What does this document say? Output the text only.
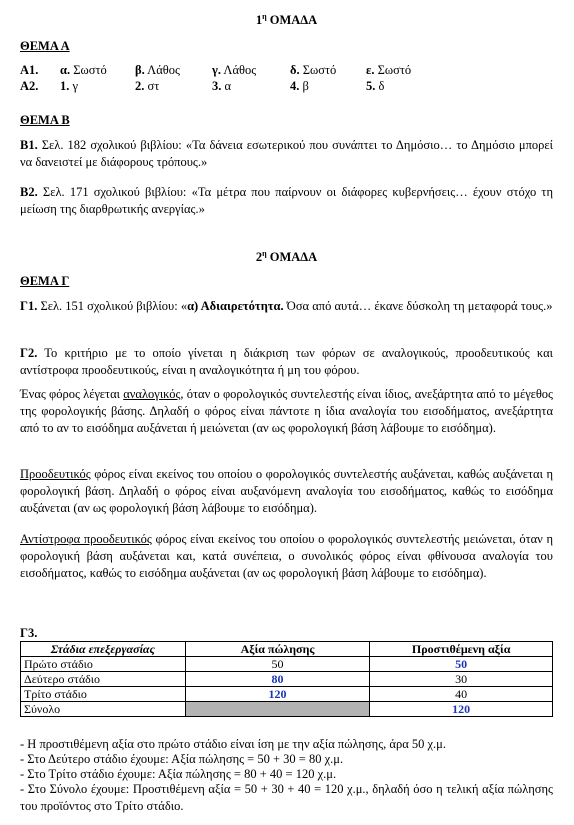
$1^\eta$ ΟΜΑΔΑ
ΘΕΜΑ Α
Α1. α. Σωστό β. Λάθος	γ. Λάθος	δ. Σωστό ε. Σωστό
Α2. 1. γ	2. στ	3. α	4. β	5. δ
ΘΕΜΑ Β
Β1. Σελ. 182 σχολικού βιβλίου: «Τα δάνεια εσωτερικού που συνάπτει το Δημόσιο… το Δημόσιο μπορεί να δανειστεί με διάφορους τρόπους.»
Β2. Σελ. 171 σχολικού βιβλίου: «Τα μέτρα που παίρνουν οι διάφορες κυβερνήσεις… έχουν στόχο τη μείωση της διαρθρωτικής ανεργίας.»
$2^\eta$ ΟΜΑΔΑ
ΘΕΜΑ Γ
Γ1. Σελ. 151 σχολικού βιβλίου: «α) Αδιαιρετότητα. Όσα από αυτά… έκανε δύσκολη τη μεταφορά τους.»
Γ2. Το κριτήριο με το οποίο γίνεται η διάκριση των φόρων σε αναλογικούς, προοδευτικούς και αντίστροφα προοδευτικούς, είναι η αναλογικότητα ή μη του φόρου.
Ένας φόρος λέγεται αναλογικός, όταν ο φορολογικός συντελεστής είναι ίδιος, ανεξάρτητα από το μέγεθος της φορολογικής βάσης. Δηλαδή ο φόρος είναι πάντοτε η ίδια αναλογία του εισοδήματος, ανεξάρτητα από το αν το εισόδημα αυξάνεται ή μειώνεται (αν ως φορολογική βάση λάβουμε το εισόδημα).
Προοδευτικός φόρος είναι εκείνος του οποίου ο φορολογικός συντελεστής αυξάνεται, καθώς αυξάνεται η φορολογική βάση. Δηλαδή ο φόρος είναι αυξανόμενη αναλογία του εισοδήματος, καθώς το εισόδημα αυξάνεται (αν ως φορολογική βάση λάβουμε το εισόδημα).
Αντίστροφα προοδευτικός φόρος είναι εκείνος του οποίου ο φορολογικός συντελεστής μειώνεται, όταν η φορολογική βάση αυξάνεται και, κατά συνέπεια, ο συνολικός φόρος είναι φθίνουσα αναλογία του εισοδήματος, καθώς το εισόδημα αυξάνεται (αν ως φορολογική βάση λάβουμε το εισόδημα).
Γ3.
Στάδια επεξεργασίας	Αξία πώλησης	Προστιθέμενη αξία
Πρώτο στάδιο	50	50
Δεύτερο στάδιο	80	30
Τρίτο στάδιο	120	40
Σύνολο		120
- Η προστιθέμενη αξία στο πρώτο στάδιο είναι ίση με την αξία πώλησης, άρα 50 χ.μ.
- Στο Δεύτερο στάδιο έχουμε: Αξία πώλησης = 50 + 30 = 80 χ.μ.
- Στο Τρίτο στάδιο έχουμε: Αξία πώλησης = 80 + 40 = 120 χ.μ.
- Στο Σύνολο έχουμε: Προστιθέμενη αξία = 50 + 30 + 40 = 120 χ.μ., δηλαδή όσο η τελική αξία πώλησης του προϊόντος στο Τρίτο στάδιο.
